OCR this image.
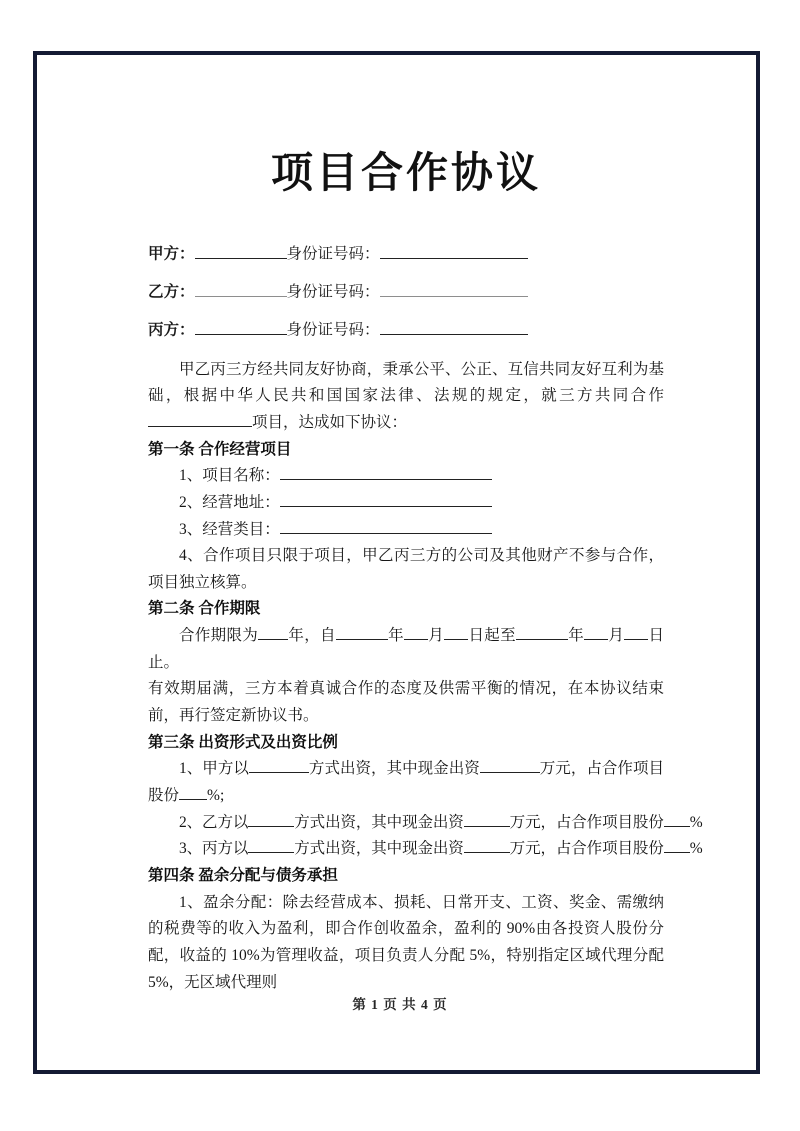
项目合作协议
甲方：	身份证号码：
乙方：	身份证号码：
丙方：	身份证号码：

甲乙丙三方经共同友好协商，秉承公平、公正、互信共同友好互利为基础，根据中华人民共和国国家法律、法规的规定，就三方共同合作项目，达成如下协议：

第一条 合作经营项目

1、项目名称：

2、经营地址：

3、经营类目：

4、合作项目只限于项目，甲乙丙三方的公司及其他财产不参与合作，项目独立核算。

第二条 合作期限

合作期限为 年，自	年 月 日起至	年 月 日止。

有效期届满，三方本着真诚合作的态度及供需平衡的情况，在本协议结束前，再行签定新协议书。

第三条 出资形式及出资比例

1、甲方以	方式出资，其中现金出资	万元，占合作项目股份 %;

2、乙方以	方式出资，其中现金出资	万元，占合作项目股份 %

3、丙方以	方式出资，其中现金出资	万元，占合作项目股份 %

第四条 盈余分配与债务承担

1、盈余分配：除去经营成本、损耗、日常开支、工资、奖金、需缴纳的税费等的收入为盈利，即合作创收盈余，盈利的 90%由各投资人股份分配，收益的 10%为管理收益，项目负责人分配 5%，特别指定区域代理分配 5%，无区域代理则

第 1 页 共 4 页
